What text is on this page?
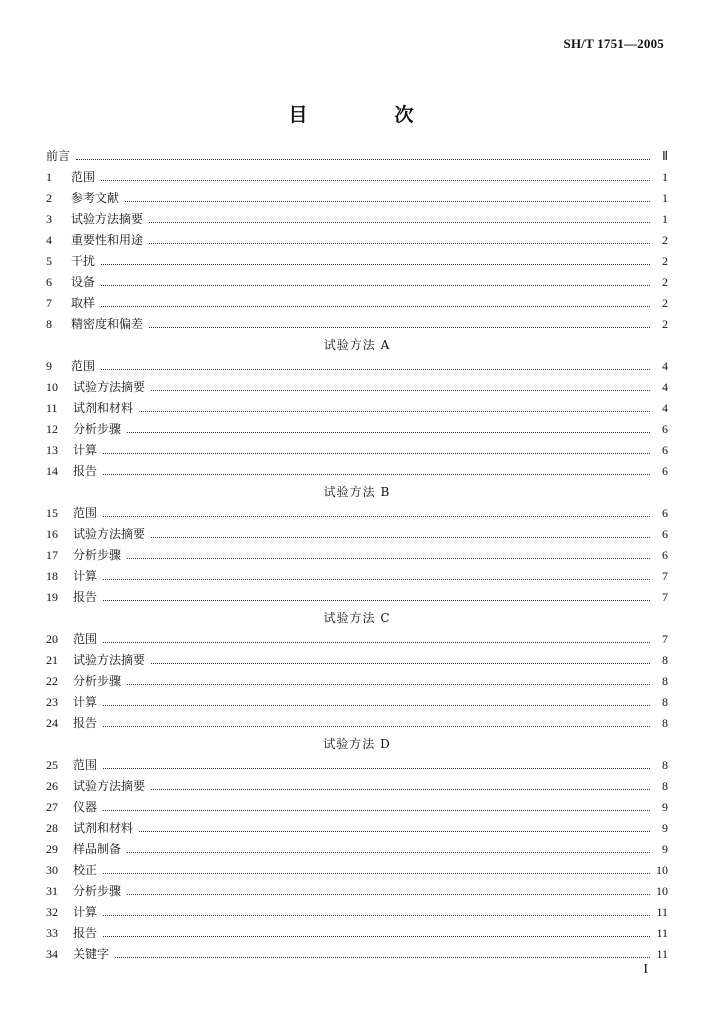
SH/T 1751—2005
目　次
前言	Ⅱ
1	范围	1
2	参考文献	1
3	试验方法摘要	1
4	重要性和用途	2
5	干扰	2
6	设备	2
7	取样	2
8	精密度和偏差	2
试验方法 A
9	范围	4
10	试验方法摘要	4
11	试剂和材料	4
12	分析步骤	6
13	计算	6
14	报告	6
试验方法 B
15	范围	6
16	试验方法摘要	6
17	分析步骤	6
18	计算	7
19	报告	7
试验方法 C
20	范围	7
21	试验方法摘要	8
22	分析步骤	8
23	计算	8
24	报告	8
试验方法 D
25	范围	8
26	试验方法摘要	8
27	仪器	9
28	试剂和材料	9
29	样品制备	9
30	校正	10
31	分析步骤	10
32	计算	11
33	报告	11
34	关键字	11
I
